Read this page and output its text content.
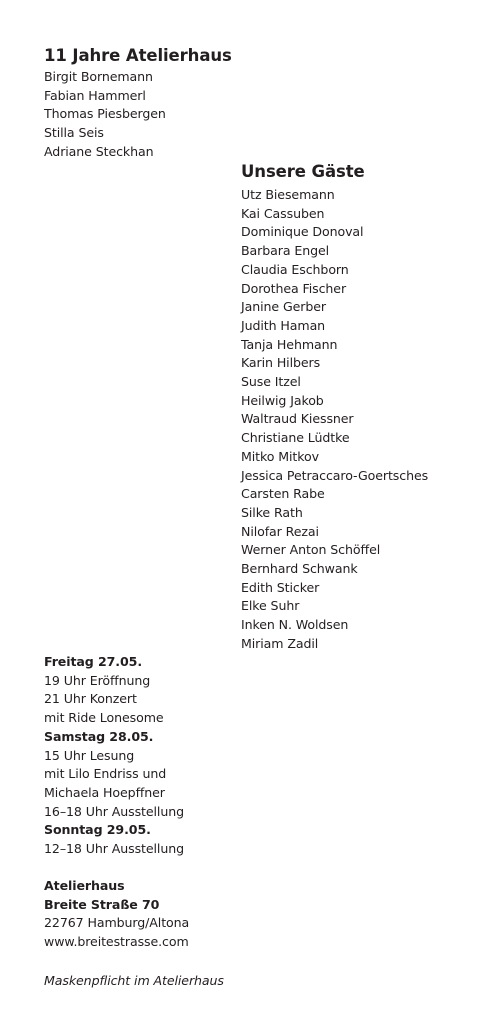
11 Jahre Atelierhaus
Birgit Bornemann
Fabian Hammerl
Thomas Piesbergen
Stilla Seis
Adriane Steckhan
Unsere Gäste
Utz Biesemann
Kai Cassuben
Dominique Donoval
Barbara Engel
Claudia Eschborn
Dorothea Fischer
Janine Gerber
Judith Haman
Tanja Hehmann
Karin Hilbers
Suse Itzel
Heilwig Jakob
Waltraud Kiessner
Christiane Lüdtke
Mitko Mitkov
Jessica Petraccaro-Goertsches
Carsten Rabe
Silke Rath
Nilofar Rezai
Werner Anton Schöffel
Bernhard Schwank
Edith Sticker
Elke Suhr
Inken N. Woldsen
Miriam Zadil
Freitag 27.05.
19 Uhr Eröffnung
21 Uhr Konzert
mit Ride Lonesome
Samstag 28.05.
15 Uhr Lesung
mit Lilo Endriss und
Michaela Hoepffner
16–18 Uhr Ausstellung
Sonntag 29.05.
12–18 Uhr Ausstellung
Atelierhaus
Breite Straße 70
22767 Hamburg/Altona
www.breitestrasse.com
Maskenpflicht im Atelierhaus
